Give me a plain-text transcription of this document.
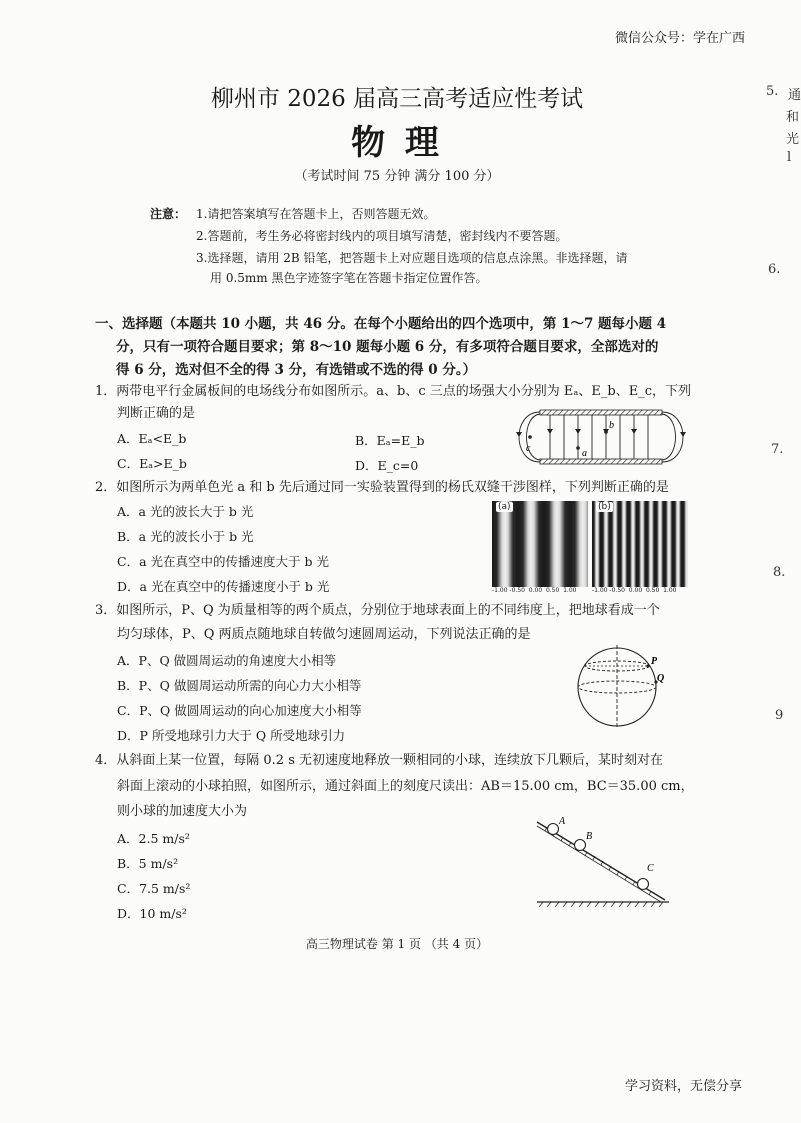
微信公众号：学在广西
柳州市 2026 届高三高考适应性考试
物 理
（考试时间 75 分钟 满分 100 分）
注意： 1.请把答案填写在答题卡上，否则答题无效。
2.答题前，考生务必将密封线内的项目填写清楚，密封线内不要答题。
3.选择题，请用 2B 铅笔，把答题卡上对应题目选项的信息点涂黑。非选择题，请
用 0.5mm 黑色字迹签字笔在答题卡指定位置作答。
一、选择题（本题共 10 小题，共 46 分。在每个小题给出的四个选项中，第 1～7 题每小题 4
分，只有一项符合题目要求；第 8～10 题每小题 6 分，有多项符合题目要求，全部选对的
得 6 分，选对但不全的得 3 分，有选错或不选的得 0 分。）
1．两带电平行金属板间的电场线分布如图所示。a、b、c 三点的场强大小分别为 Eₐ、E_b、E_c，下列
判断正确的是
A．Eₐ<E_b	B．Eₐ=E_b
C．Eₐ>E_b	D．E_c=0
c
b
a
2．如图所示为两单色光 a 和 b 先后通过同一实验装置得到的杨氏双缝干涉图样，下列判断正确的是
A．a 光的波长大于 b 光
B．a 光的波长小于 b 光
C．a 光在真空中的传播速度大于 b 光
D．a 光在真空中的传播速度小于 b 光
(a)	(b)
-1.00 -0.50  0.00  0.50  1.00	-1.00 -0.50  0.00  0.50  1.00
3．如图所示，P、Q 为质量相等的两个质点，分别位于地球表面上的不同纬度上，把地球看成一个
均匀球体，P、Q 两质点随地球自转做匀速圆周运动，下列说法正确的是
A．P、Q 做圆周运动的角速度大小相等
B．P、Q 做圆周运动所需的向心力大小相等
C．P、Q 做圆周运动的向心加速度大小相等
D．P 所受地球引力大于 Q 所受地球引力
P
Q
4．从斜面上某一位置，每隔 0.2 s 无初速度地释放一颗相同的小球，连续放下几颗后，某时刻对在
斜面上滚动的小球拍照，如图所示，通过斜面上的刻度尺读出：AB＝15.00 cm，BC＝35.00 cm，
则小球的加速度大小为
A．2.5 m/s²
B．5 m/s²
C．7.5 m/s²
D．10 m/s²
A
B
C
高三物理试卷 第 1 页 （共 4 页）
学习资料，无偿分享
5. 通
和
光
l
6.
7.
8.
9
